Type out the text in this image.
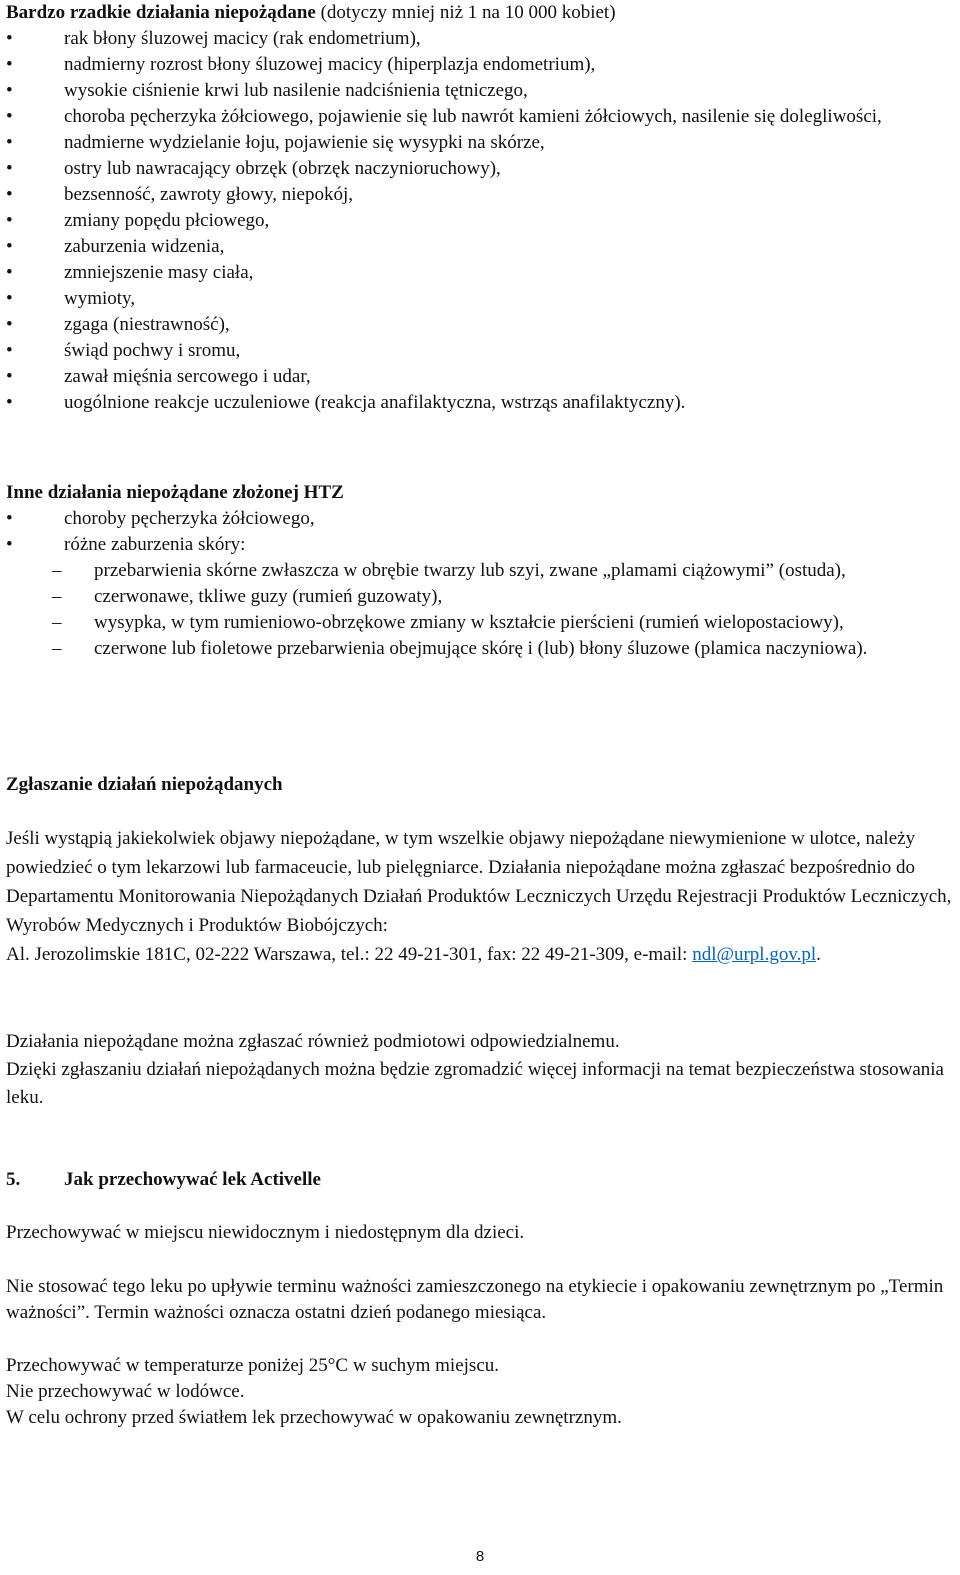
Bardzo rzadkie działania niepożądane (dotyczy mniej niż 1 na 10 000 kobiet)

• rak błony śluzowej macicy (rak endometrium),
• nadmierny rozrost błony śluzowej macicy (hiperplazja endometrium),
• wysokie ciśnienie krwi lub nasilenie nadciśnienia tętniczego,
• choroba pęcherzyka żółciowego, pojawienie się lub nawrót kamieni żółciowych, nasilenie się dolegliwości,
• nadmierne wydzielanie łoju, pojawienie się wysypki na skórze,
• ostry lub nawracający obrzęk (obrzęk naczynioruchowy),
• bezsenność, zawroty głowy, niepokój,
• zmiany popędu płciowego,
• zaburzenia widzenia,
• zmniejszenie masy ciała,
• wymioty,
• zgaga (niestrawność),
• świąd pochwy i sromu,
• zawał mięśnia sercowego i udar,
• uogólnione reakcje uczuleniowe (reakcja anafilaktyczna, wstrząs anafilaktyczny).

Inne działania niepożądane złożonej HTZ

• choroby pęcherzyka żółciowego,
• różne zaburzenia skóry:
– przebarwienia skórne zwłaszcza w obrębie twarzy lub szyi, zwane „plamami ciążowymi” (ostuda),
– czerwonawe, tkliwe guzy (rumień guzowaty),
– wysypka, w tym rumieniowo-obrzękowe zmiany w kształcie pierścieni (rumień wielopostaciowy),
– czerwone lub fioletowe przebarwienia obejmujące skórę i (lub) błony śluzowe (plamica naczyniowa).

Zgłaszanie działań niepożądanych

Jeśli wystąpią jakiekolwiek objawy niepożądane, w tym wszelkie objawy niepożądane niewymienione w ulotce, należy powiedzieć o tym lekarzowi lub farmaceucie, lub pielęgniarce. Działania niepożądane można zgłaszać bezpośrednio do Departamentu Monitorowania Niepożądanych Działań Produktów Leczniczych Urzędu Rejestracji Produktów Leczniczych, Wyrobów Medycznych i Produktów Biobójczych:

Al. Jerozolimskie 181C, 02-222 Warszawa, tel.: 22 49-21-301, fax: 22 49-21-309, e-mail: ndl@urpl.gov.pl.

Działania niepożądane można zgłaszać również podmiotowi odpowiedzialnemu.

Dzięki zgłaszaniu działań niepożądanych można będzie zgromadzić więcej informacji na temat bezpieczeństwa stosowania leku.

5. Jak przechowywać lek Activelle

Przechowywać w miejscu niewidocznym i niedostępnym dla dzieci.

Nie stosować tego leku po upływie terminu ważności zamieszczonego na etykiecie i opakowaniu zewnętrznym po „Termin ważności”. Termin ważności oznacza ostatni dzień podanego miesiąca.

Przechowywać w temperaturze poniżej 25°C w suchym miejscu.

Nie przechowywać w lodówce.

W celu ochrony przed światłem lek przechowywać w opakowaniu zewnętrznym.

8
